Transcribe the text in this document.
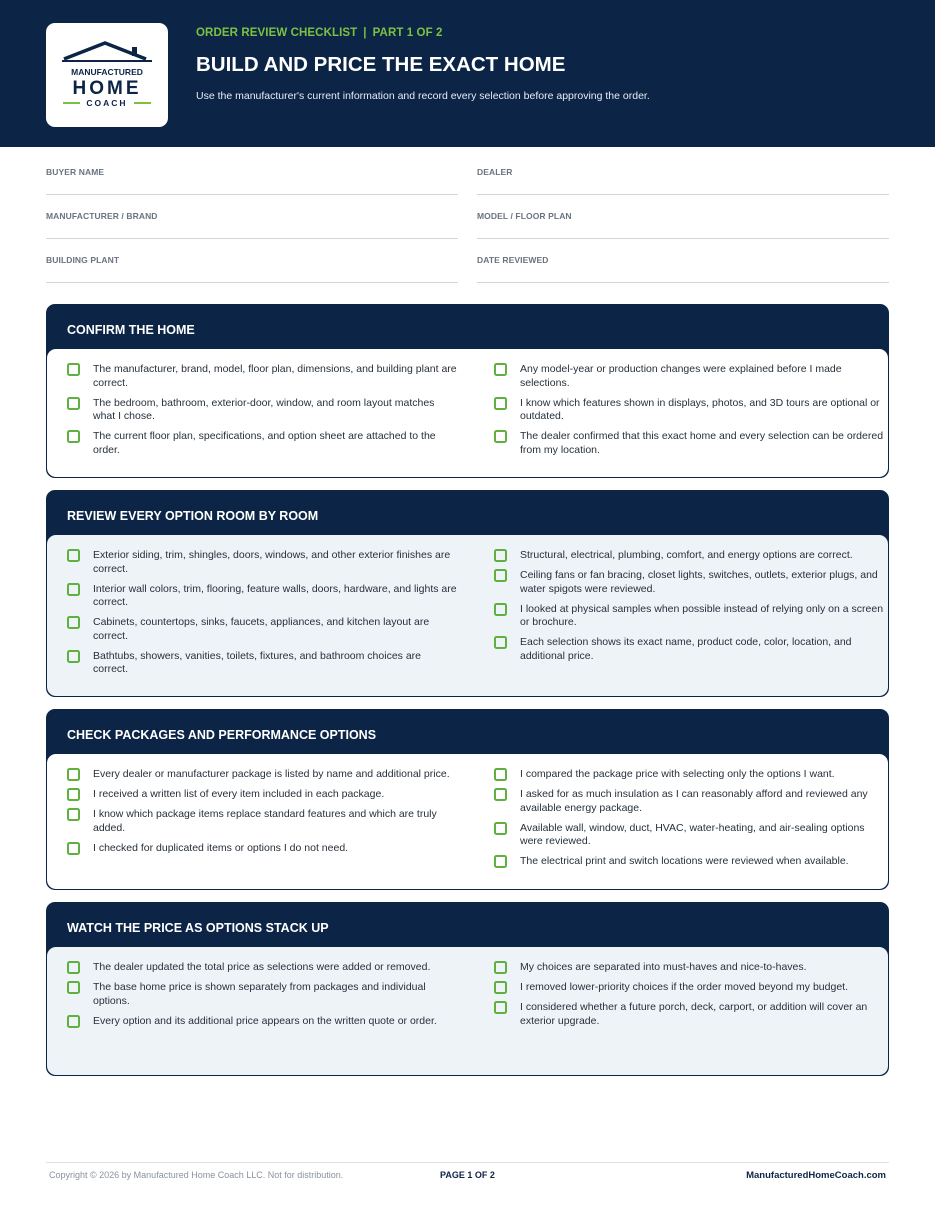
MANUFACTURED
HOME
COACH
ORDER REVIEW CHECKLIST | PART 1 OF 2
BUILD AND PRICE THE EXACT HOME
Use the manufacturer's current information and record every selection before approving the order.
BUYER NAME	DEALER
MANUFACTURER / BRAND	MODEL / FLOOR PLAN
BUILDING PLANT	DATE REVIEWED
CONFIRM THE HOME
The manufacturer, brand, model, floor plan, dimensions, and building plant are correct.
The bedroom, bathroom, exterior-door, window, and room layout matches what I chose.
The current floor plan, specifications, and option sheet are attached to the order.
Any model-year or production changes were explained before I made selections.
I know which features shown in displays, photos, and 3D tours are optional or outdated.
The dealer confirmed that this exact home and every selection can be ordered from my location.
REVIEW EVERY OPTION ROOM BY ROOM
Exterior siding, trim, shingles, doors, windows, and other exterior finishes are correct.
Interior wall colors, trim, flooring, feature walls, doors, hardware, and lights are correct.
Cabinets, countertops, sinks, faucets, appliances, and kitchen layout are correct.
Bathtubs, showers, vanities, toilets, fixtures, and bathroom choices are correct.
Structural, electrical, plumbing, comfort, and energy options are correct.
Ceiling fans or fan bracing, closet lights, switches, outlets, exterior plugs, and water spigots were reviewed.
I looked at physical samples when possible instead of relying only on a screen or brochure.
Each selection shows its exact name, product code, color, location, and additional price.
CHECK PACKAGES AND PERFORMANCE OPTIONS
Every dealer or manufacturer package is listed by name and additional price.
I received a written list of every item included in each package.
I know which package items replace standard features and which are truly added.
I checked for duplicated items or options I do not need.
I compared the package price with selecting only the options I want.
I asked for as much insulation as I can reasonably afford and reviewed any available energy package.
Available wall, window, duct, HVAC, water-heating, and air-sealing options were reviewed.
The electrical print and switch locations were reviewed when available.
WATCH THE PRICE AS OPTIONS STACK UP
The dealer updated the total price as selections were added or removed.
The base home price is shown separately from packages and individual options.
Every option and its additional price appears on the written quote or order.
My choices are separated into must-haves and nice-to-haves.
I removed lower-priority choices if the order moved beyond my budget.
I considered whether a future porch, deck, carport, or addition will cover an exterior upgrade.
Copyright © 2026 by Manufactured Home Coach LLC. Not for distribution.	PAGE 1 OF 2	ManufacturedHomeCoach.com
